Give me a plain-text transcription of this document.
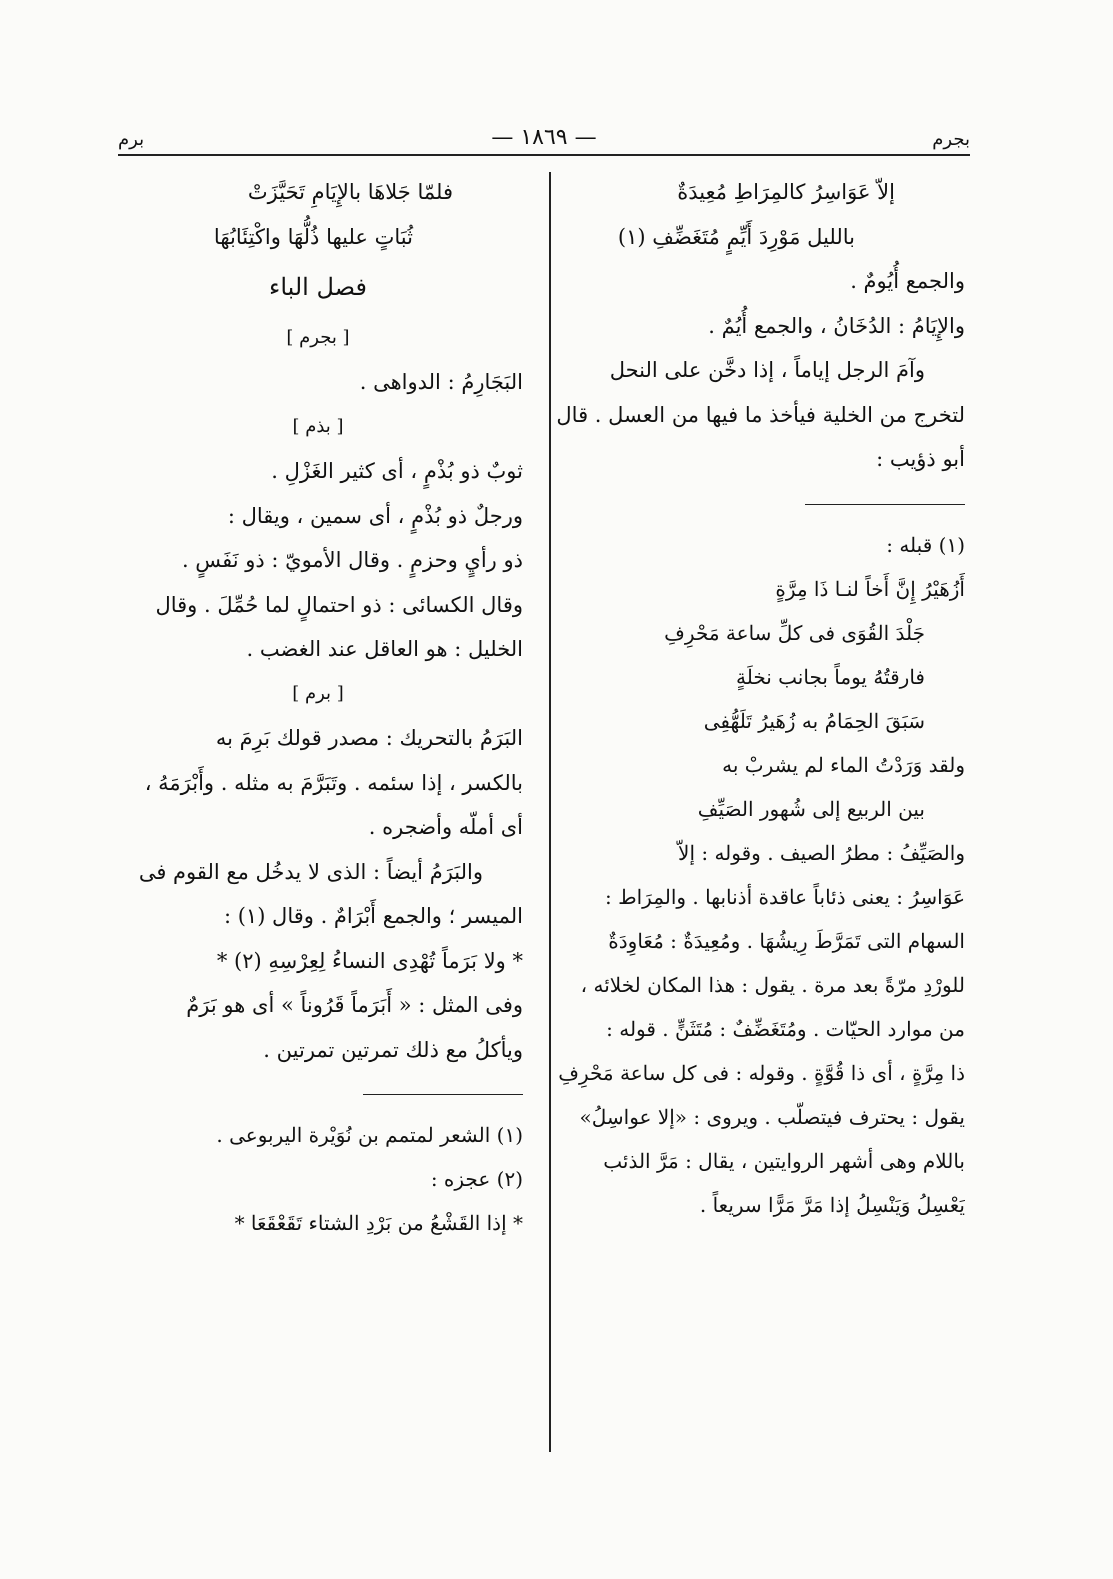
بجرم
— ١٨٦٩ —
برم
إلاّ عَوَاسِرُ كالمِرَاطِ مُعِيدَةٌ
بالليل مَوْرِدَ أَيِّمٍ مُتَغَضِّفِ (١)
والجمع أُيُومٌ .
والإِيَامُ : الدُخَانُ ، والجمع أُيُمٌ .
وآمَ الرجل إياماً ، إذا دخَّن على النحل
لتخرج من الخلية فيأخذ ما فيها من العسل . قال
أبو ذؤيب :
(١) قبله :
أَزُهَيْرُ إِنَّ أَخاً لنـا ذَا مِرَّةٍ
جَلْدَ القُوَى فى كلِّ ساعة مَحْرِفِ
فارقتُهُ يوماً بجانب نخلَةٍ
سَبَقَ الحِمَامُ به زُهَيرُ تَلَهُّفِى
ولقد وَرَدْتُ الماء لم يشربْ به
بين الربيع إلى شُهور الصَيِّفِ
والصَيِّفُ : مطرُ الصيف . وقوله : إلاّ
عَوَاسِرُ : يعنى ذئاباً عاقدة أذنابها . والمِرَاط :
السهام التى تَمَرَّطَ رِيشُهَا . ومُعِيدَةٌ : مُعَاوِدَةٌ
للورْدِ مرّةً بعد مرة . يقول : هذا المكان لخلائه ،
من موارد الحيّات . ومُتَغَضِّفٌ : مُتَثَنٍّ . قوله :
ذا مِرَّةٍ ، أى ذا قُوَّةٍ . وقوله : فى كل ساعة مَحْرِفِ
يقول : يحترف فيتصلّب . ويروى : «إلا عواسِلُ»
باللام وهى أشهر الروايتين ، يقال : مَرَّ الذئب
يَعْسِلُ وَيَنْسِلُ إذا مَرَّ مَرًّا سريعاً .
فلمّا جَلاهَا بالإِيَامِ تَحَيَّزَتْ
ثُبَاتٍ عليها ذُلُّهَا واكْتِئَابُهَا
فصل الباء
[ بجرم ]
البَجَارِمُ : الدواهى .
[ بذم ]
ثوبٌ ذو بُذْمٍ ، أى كثير الغَزْلِ .
ورجلٌ ذو بُذْمٍ ، أى سمين ، ويقال :
ذو رأيٍ وحزمٍ . وقال الأمويّ : ذو نَفَسٍ .
وقال الكسائى : ذو احتمالٍ لما حُمِّلَ . وقال
الخليل : هو العاقل عند الغضب .
[ برم ]
البَرَمُ بالتحريك : مصدر قولك بَرِمَ به
بالكسر ، إذا سئمه . وتَبَرَّمَ به مثله . وأَبْرَمَهُ ،
أى أملّه وأضجره .
والبَرَمُ أيضاً : الذى لا يدخُل مع القوم فى
الميسر ؛ والجمع أَبْرَامٌ . وقال (١) :
* ولا بَرَماً تُهْدِى النساءُ لِعِرْسِهِ (٢) *
وفى المثل : « أَبَرَماً قَرُوناً » أى هو بَرَمٌ
ويأكلُ مع ذلك تمرتين تمرتين .
(١) الشعر لمتمم بن نُوَيْرة اليربوعى .
(٢) عجزه :
* إذا القَشْعُ من بَرْدِ الشتاء تَقَعْقَعَا *
